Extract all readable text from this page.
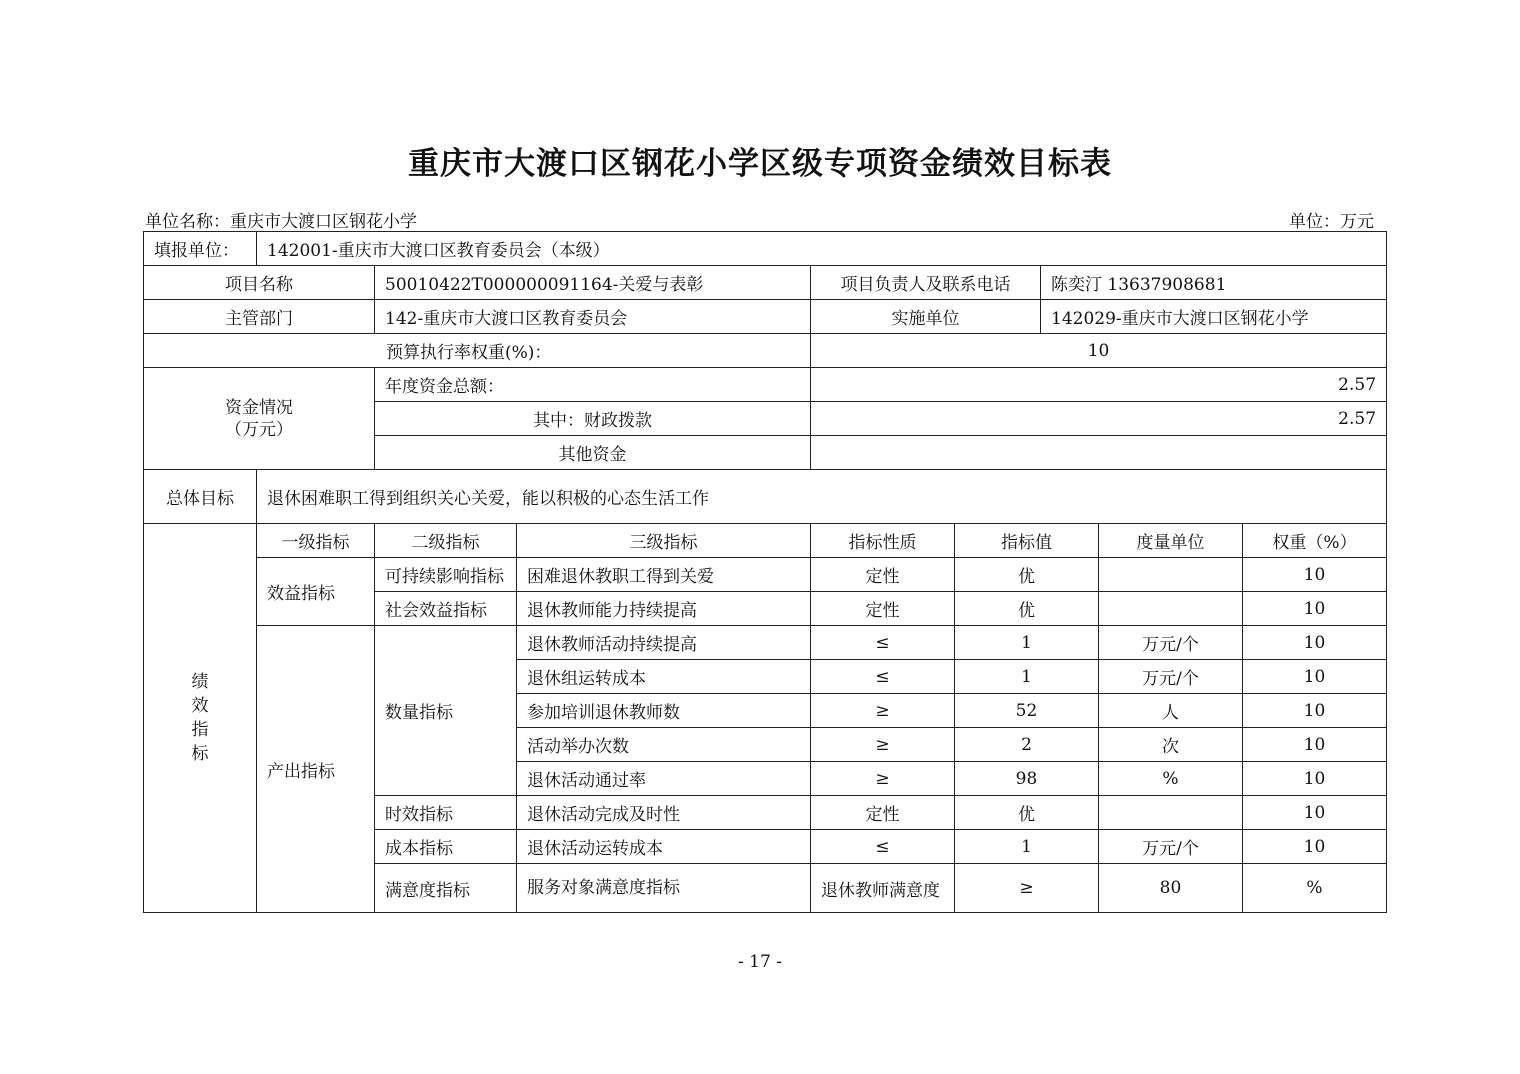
重庆市大渡口区钢花小学区级专项资金绩效目标表
单位名称：重庆市大渡口区钢花小学	单位：万元
填报单位：	142001-重庆市大渡口区教育委员会（本级）			
项目名称		50010422T000000091164-关爱与表彰	项目负责人及联系电话	陈奕汀 13637908681
主管部门		142-重庆市大渡口区教育委员会	实施单位	142029-重庆市大渡口区钢花小学
预算执行率权重(%)：			10	
资金情况
（万元）		年度资金总额：	2.57	
		其中：财政拨款	2.57	
		其他资金		
总体目标	退休困难职工得到组织关心关爱，能以积极的心态生活工作			
绩
效
指
标	一级指标	二级指标	三级指标	指标性质	指标值	度量单位	权重（%）	
	效益指标	可持续影响指标	困难退休教职工得到关爱	定性	优		10	
		社会效益指标	退休教师能力持续提高	定性	优		10	
	产出指标	数量指标	退休教师活动持续提高	≤	1	万元/个	10	
			退休组运转成本	≤	1	万元/个	10	
			参加培训退休教师数	≥	52	人	10	
			活动举办次数	≥	2	次	10	
			退休活动通过率	≥	98	%	10	
		时效指标	退休活动完成及时性	定性	优		10	
		成本指标	退休活动运转成本	≤	1	万元/个	10	
		满意度指标	服务对象满意度指标	退休教师满意度	≥	80	%	
- 17 -
